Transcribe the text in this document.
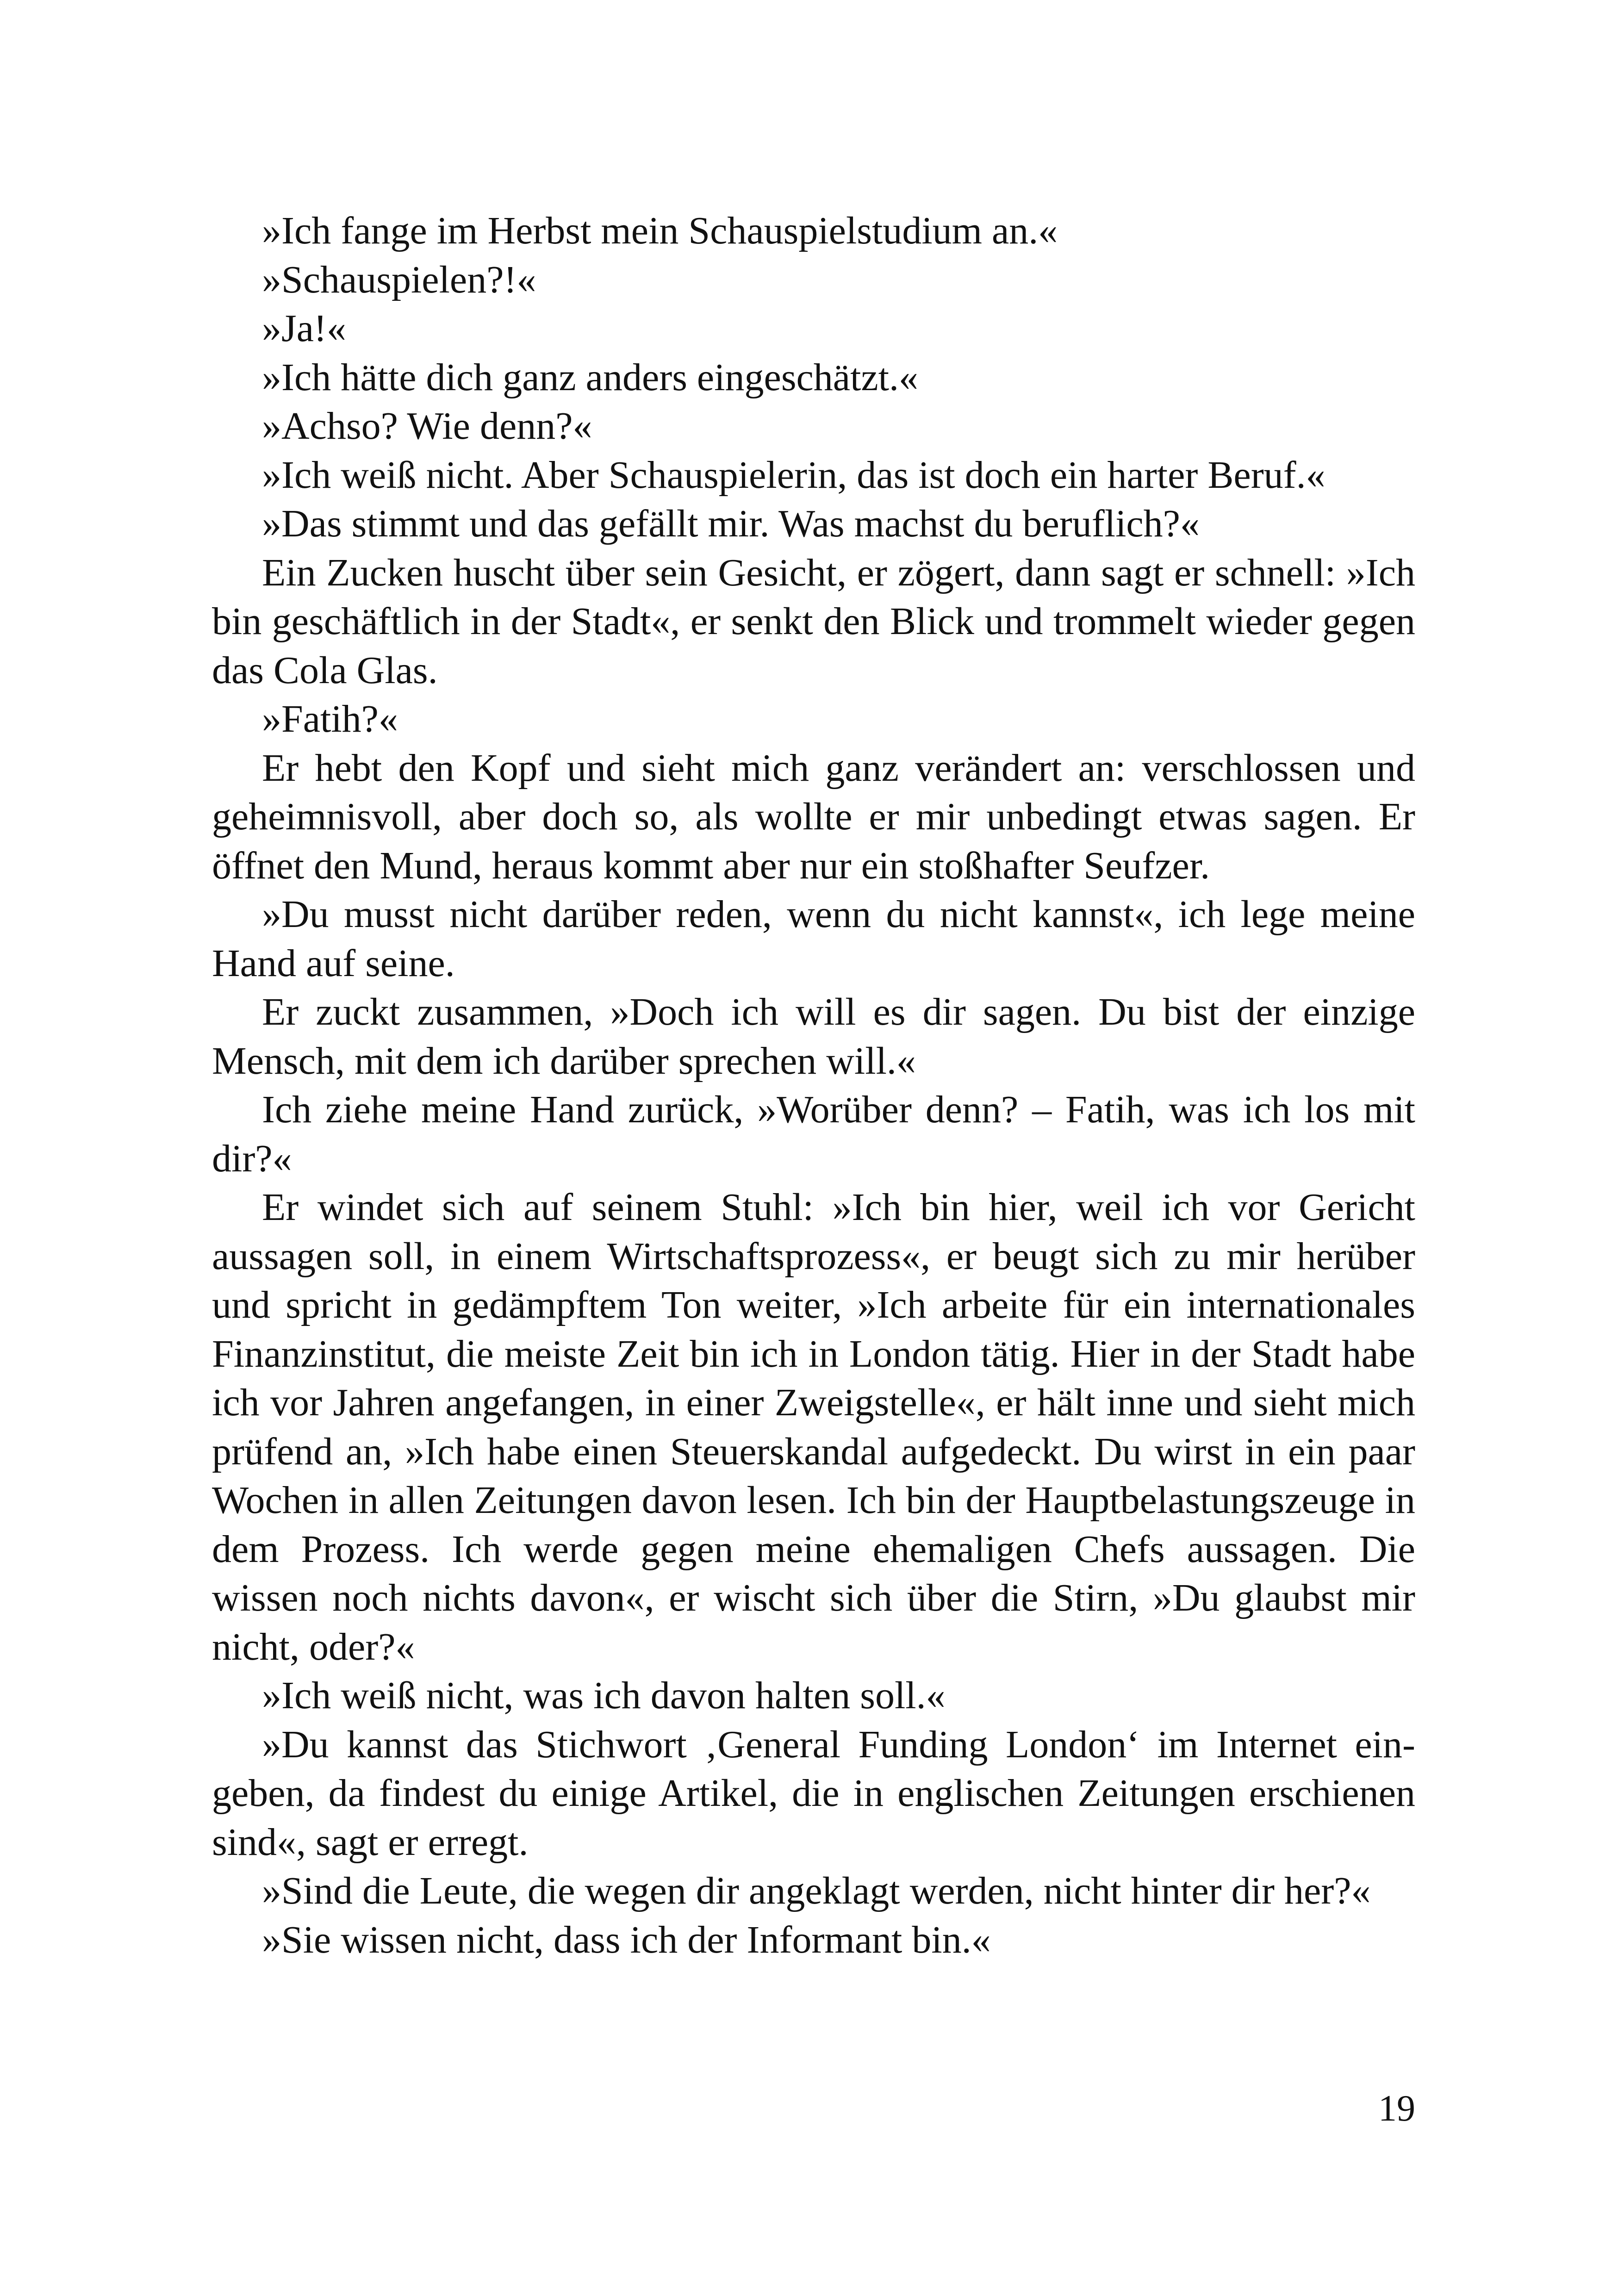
»Ich fange im Herbst mein Schauspielstudium an.«

»Schauspielen?!«

»Ja!«

»Ich hätte dich ganz anders eingeschätzt.«

»Achso? Wie denn?«

»Ich weiß nicht. Aber Schauspielerin, das ist doch ein harter Beruf.«

»Das stimmt und das gefällt mir. Was machst du beruflich?«

Ein Zucken huscht über sein Gesicht, er zögert, dann sagt er schnell: »Ich bin geschäftlich in der Stadt«, er senkt den Blick und trommelt wieder gegen das Cola Glas.

»Fatih?«

Er hebt den Kopf und sieht mich ganz verändert an: verschlossen und geheimnisvoll, aber doch so, als wollte er mir unbedingt etwas sagen. Er öffnet den Mund, heraus kommt aber nur ein stoßhafter Seufzer.

»Du musst nicht darüber reden, wenn du nicht kannst«, ich lege meine Hand auf seine.

Er zuckt zusammen, »Doch ich will es dir sagen. Du bist der einzige Mensch, mit dem ich darüber sprechen will.«

Ich ziehe meine Hand zurück, »Worüber denn? – Fatih, was ich los mit dir?«

Er windet sich auf seinem Stuhl: »Ich bin hier, weil ich vor Gericht aussagen soll, in einem Wirtschaftsprozess«, er beugt sich zu mir herüber und spricht in gedämpftem Ton weiter, »Ich arbeite für ein internationales Finanzinstitut, die meiste Zeit bin ich in London tätig. Hier in der Stadt habe ich vor Jahren angefangen, in einer Zweigstelle«, er hält inne und sieht mich prüfend an, »Ich habe einen Steuerskandal aufgedeckt. Du wirst in ein paar Wochen in allen Zeitungen davon lesen. Ich bin der Hauptbelastungszeuge in dem Prozess. Ich werde gegen meine ehemaligen Chefs aussagen. Die wissen noch nichts davon«, er wischt sich über die Stirn, »Du glaubst mir nicht, oder?«

»Ich weiß nicht, was ich davon halten soll.«

»Du kannst das Stichwort ‚General Funding London‘ im Internet eingeben, da findest du einige Artikel, die in englischen Zeitungen erschienen sind«, sagt er erregt.

»Sind die Leute, die wegen dir angeklagt werden, nicht hinter dir her?«

»Sie wissen nicht, dass ich der Informant bin.«

19
